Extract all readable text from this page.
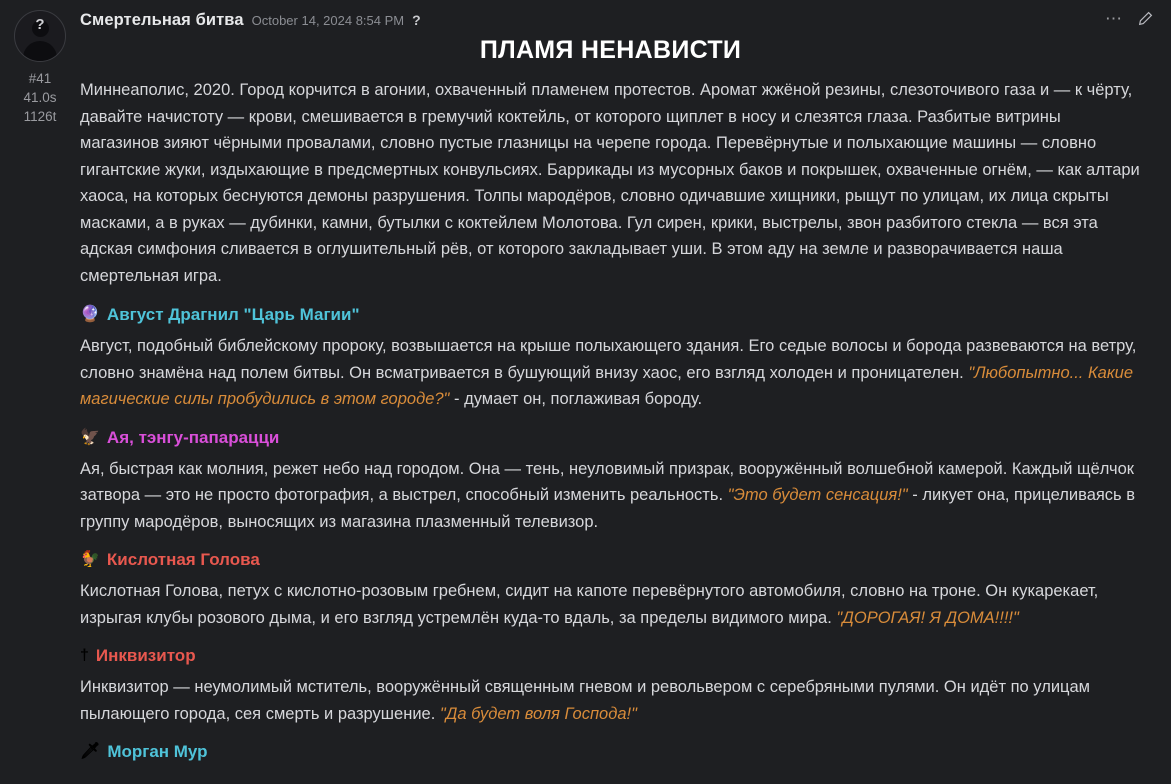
?
#41
41.0s
1126t
Смертельная битва October 14, 2024 8:54 PM ?	⋯
ПЛАМЯ НЕНАВИСТИ
Миннеаполис, 2020. Город корчится в агонии, охваченный пламенем протестов. Аромат жжёной резины, слезоточивого газа и — к чёрту, давайте начистоту — крови, смешивается в гремучий коктейль, от которого щиплет в носу и слезятся глаза. Разбитые витрины магазинов зияют чёрными провалами, словно пустые глазницы на черепе города. Перевёрнутые и полыхающие машины — словно гигантские жуки, издыхающие в предсмертных конвульсиях. Баррикады из мусорных баков и покрышек, охваченные огнём, — как алтари хаоса, на которых беснуются демоны разрушения. Толпы мародёров, словно одичавшие хищники, рыщут по улицам, их лица скрыты масками, а в руках — дубинки, камни, бутылки с коктейлем Молотова. Гул сирен, крики, выстрелы, звон разбитого стекла — вся эта адская симфония сливается в оглушительный рёв, от которого закладывает уши. В этом аду на земле и разворачивается наша смертельная игра.
🔮 Август Драгнил "Царь Магии"
Август, подобный библейскому пророку, возвышается на крыше полыхающего здания. Его седые волосы и борода развеваются на ветру, словно знамёна над полем битвы. Он всматривается в бушующий внизу хаос, его взгляд холоден и проницателен. "Любопытно... Какие магические силы пробудились в этом городе?" - думает он, поглаживая бороду.
🦅 Ая, тэнгу-папарацци
Ая, быстрая как молния, режет небо над городом. Она — тень, неуловимый призрак, вооружённый волшебной камерой. Каждый щёлчок затвора — это не просто фотография, а выстрел, способный изменить реальность. "Это будет сенсация!" - ликует она, прицеливаясь в группу мародёров, выносящих из магазина плазменный телевизор.
🐓 Кислотная Голова
Кислотная Голова, петух с кислотно-розовым гребнем, сидит на капоте перевёрнутого автомобиля, словно на троне. Он кукарекает, изрыгая клубы розового дыма, и его взгляд устремлён куда-то вдаль, за пределы видимого мира. "ДОРОГАЯ! Я ДОМА!!!!"
† Инквизитор
Инквизитор — неумолимый мститель, вооружённый священным гневом и револьвером с серебряными пулями. Он идёт по улицам пылающего города, сея смерть и разрушение. "Да будет воля Господа!"
🗡 Морган Мур
